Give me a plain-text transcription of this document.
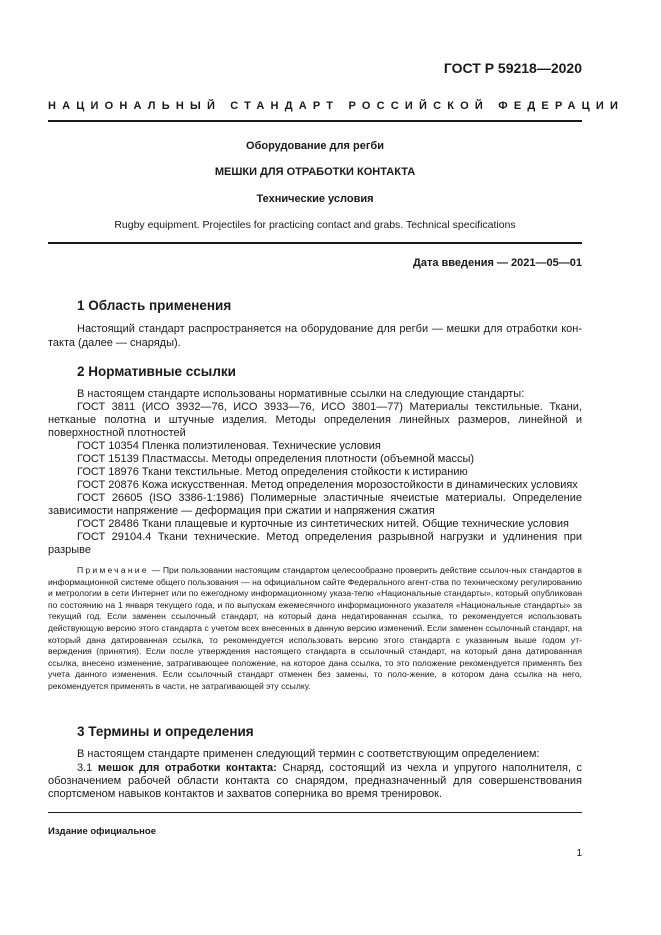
ГОСТ Р 59218—2020
НАЦИОНАЛЬНЫЙ СТАНДАРТ РОССИЙСКОЙ ФЕДЕРАЦИИ
Оборудование для регби
МЕШКИ ДЛЯ ОТРАБОТКИ КОНТАКТА
Технические условия
Rugby equipment. Projectiles for practicing contact and grabs. Technical specifications
Дата введения — 2021—05—01
1 Область применения
Настоящий стандарт распространяется на оборудование для регби — мешки для отработки кон-
такта (далее — снаряды).
2 Нормативные ссылки
В настоящем стандарте использованы нормативные ссылки на следующие стандарты:
ГОСТ 3811 (ИСО 3932—76, ИСО 3933—76, ИСО 3801—77) Материалы текстильные. Ткани,
нетканые полотна и штучные изделия. Методы определения линейных размеров, линейной и
поверхностной плотностей
ГОСТ 10354 Пленка полиэтиленовая. Технические условия
ГОСТ 15139 Пластмассы. Методы определения плотности (объемной массы)
ГОСТ 18976 Ткани текстильные. Метод определения стойкости к истиранию
ГОСТ 20876 Кожа искусственная. Метод определения морозостойкости в динамических условиях
ГОСТ 26605 (ISO 3386-1:1986) Полимерные эластичные ячеистые материалы. Определение
зависимости напряжение — деформация при сжатии и напряжения сжатия
ГОСТ 28486 Ткани плащевые и курточные из синтетических нитей. Общие технические условия
ГОСТ 29104.4 Ткани технические. Метод определения разрывной нагрузки и удлинения при
разрыве
Примечание — При пользовании настоящим стандартом целесообразно проверить действие ссылоч-ных стандартов в информационной системе общего пользования — на официальном сайте Федерального агент-ства по техническому регулированию и метрологии в сети Интернет или по ежегодному информационному указа-телю «Национальные стандарты», который опубликован по состоянию на 1 января текущего года, и по выпускам ежемесячного информационного указателя «Национальные стандарты» за текущий год. Если заменен ссылочный стандарт, на который дана недатированная ссылка, то рекомендуется использовать действующую версию этого стандарта с учетом всех внесенных в данную версию изменений. Если заменен ссылочный стандарт, на который дана датированная ссылка, то рекомендуется использовать версию этого стандарта с указанным выше годом ут-верждения (принятия). Если после утверждения настоящего стандарта в ссылочный стандарт, на который дана датированная ссылка, внесено изменение, затрагивающее положение, на которое дана ссылка, то это положение рекомендуется применять без учета данного изменения. Если ссылочный стандарт отменен без замены, то поло-жение, в котором дана ссылка на него, рекомендуется применять в части, не затрагивающей эту ссылку.
3 Термины и определения
В настоящем стандарте применен следующий термин с соответствующим определением:
3.1 мешок для отработки контакта: Снаряд, состоящий из чехла и упругого наполнителя, с
обозначением рабочей области контакта со снарядом, предназначенный для совершенствования
спортсменом навыков контактов и захватов соперника во время тренировок.
Издание официальное
1
